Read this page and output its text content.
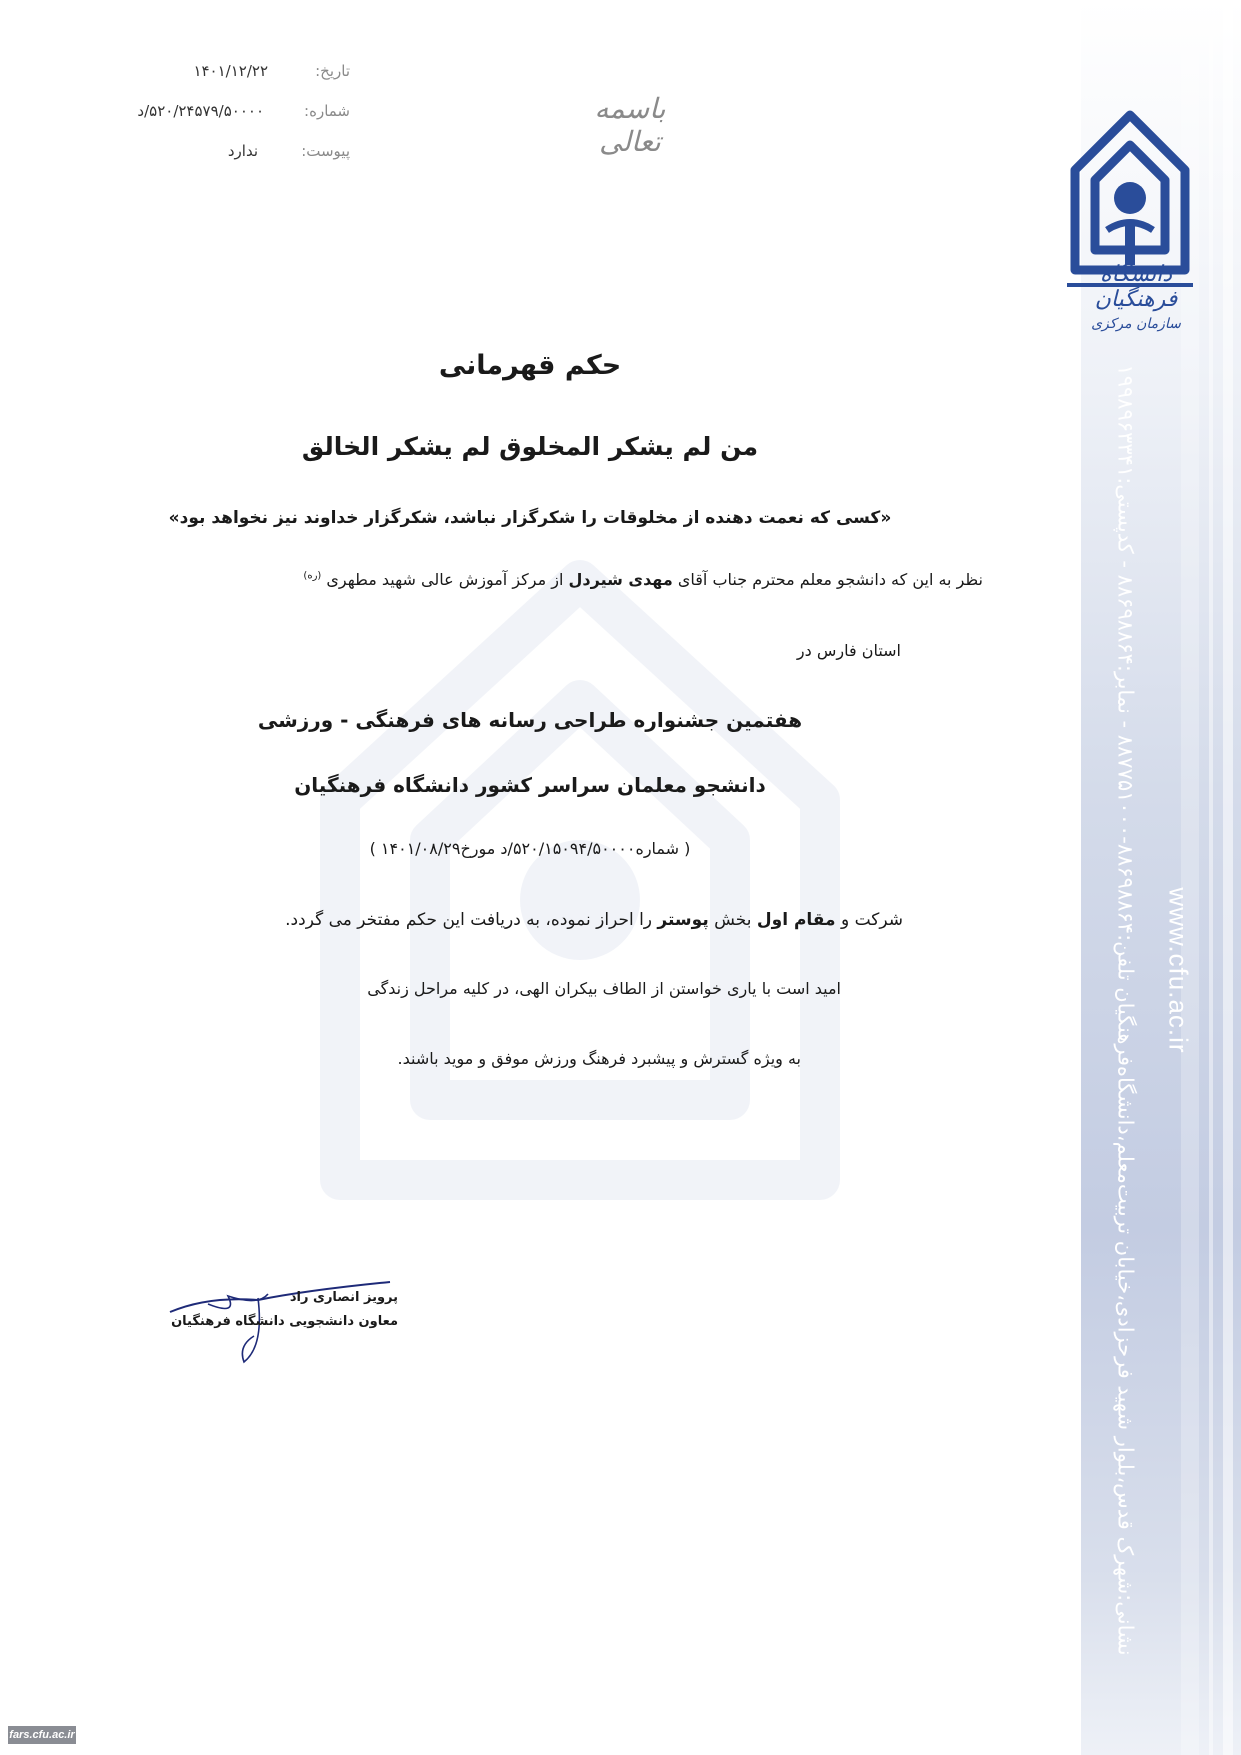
نشانی:شهرک قدس،بلوار شهید فرحزادی،خیابان تربیت‌معلم،دانشگاه‌فرهنگیان تلفن:۸۸۶۹۸۸۶۴-۸۸۷۷۵۱۰۰۰ - نمابر:۸۸۶۹۸۸۶۴ - کدپستی:۱۹۹۸۹۶۳۳۴۱ www.cfu.ac.ir
دانشگاه فرهنگیان
سازمان مرکزی
تاریخ:
۱۴۰۱/۱۲/۲۲
شماره:
۵۲۰/۲۴۵۷۹/۵۰۰۰۰/د
پیوست:
ندارد
باسمه تعالی
حکم قهرمانی
من لم یشکر المخلوق لم یشکر الخالق
«کسی که نعمت دهنده از مخلوقات را شکرگزار نباشد، شکرگزار خداوند نیز نخواهد بود»
نظر به این که دانشجو معلم محترم جناب آقای مهدی شیردل از مرکز آموزش عالی شهید مطهری $^{(ره)}$
استان فارس در
هفتمین جشنواره طراحی رسانه های فرهنگی - ورزشی
دانشجو معلمان سراسر کشور دانشگاه فرهنگیان
( شماره۵۲۰/۱۵۰۹۴/۵۰۰۰۰/د مورخ۱۴۰۱/۰۸/۲۹ )
شرکت و مقام اول بخش پوستر را احراز نموده، به دریافت این حکم مفتخر می گردد.
امید است با یاری خواستن از الطاف بیکران الهی، در کلیه مراحل زندگی
به ویژه گسترش و پیشبرد فرهنگ ورزش موفق و موید باشند.
پرویز انصاری راد
معاون دانشجویی دانشگاه فرهنگیان
fars.cfu.ac.ir
